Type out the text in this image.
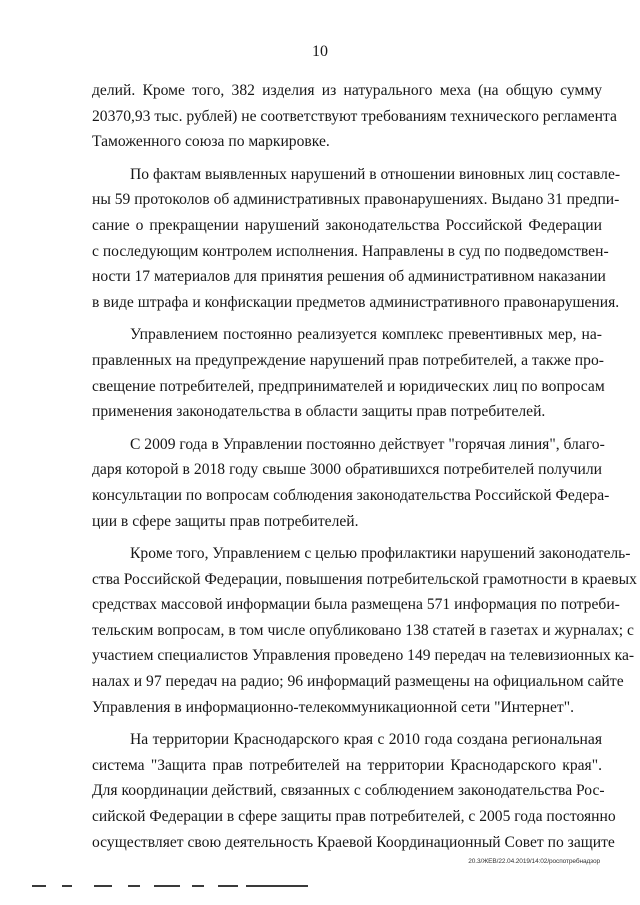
10
делий. Кроме того, 382 изделия из натурального меха (на общую сумму
20370,93 тыс. рублей) не соответствуют требованиям технического регламента
Таможенного союза по маркировке.
По фактам выявленных нарушений в отношении виновных лиц составле-
ны 59 протоколов об административных правонарушениях. Выдано 31 предпи-
сание о прекращении нарушений законодательства Российской Федерации
с последующим контролем исполнения. Направлены в суд по подведомствен-
ности 17 материалов для принятия решения об административном наказании
в виде штрафа и конфискации предметов административного правонарушения.
Управлением постоянно реализуется комплекс превентивных мер, на-
правленных на предупреждение нарушений прав потребителей, а также про-
свещение потребителей, предпринимателей и юридических лиц по вопросам
применения законодательства в области защиты прав потребителей.
С 2009 года в Управлении постоянно действует "горячая линия", благо-
даря которой в 2018 году свыше 3000 обратившихся потребителей получили
консультации по вопросам соблюдения законодательства Российской Федера-
ции в сфере защиты прав потребителей.
Кроме того, Управлением с целью профилактики нарушений законодатель-
ства Российской Федерации, повышения потребительской грамотности в краевых
средствах массовой информации была размещена 571 информация по потреби-
тельским вопросам, в том числе опубликовано 138 статей в газетах и журналах; с
участием специалистов Управления проведено 149 передач на телевизионных ка-
налах и 97 передач на радио; 96 информаций размещены на официальном сайте
Управления в информационно-телекоммуникационной сети "Интернет".
На территории Краснодарского края с 2010 года создана региональная
система "Защита прав потребителей на территории Краснодарского края".
Для координации действий, связанных с соблюдением законодательства Рос-
сийской Федерации в сфере защиты прав потребителей, с 2005 года постоянно
осуществляет свою деятельность Краевой Координационный Совет по защите
20.3/ЖЕВ/22.04.2019/14:02/роспотребнадзор
